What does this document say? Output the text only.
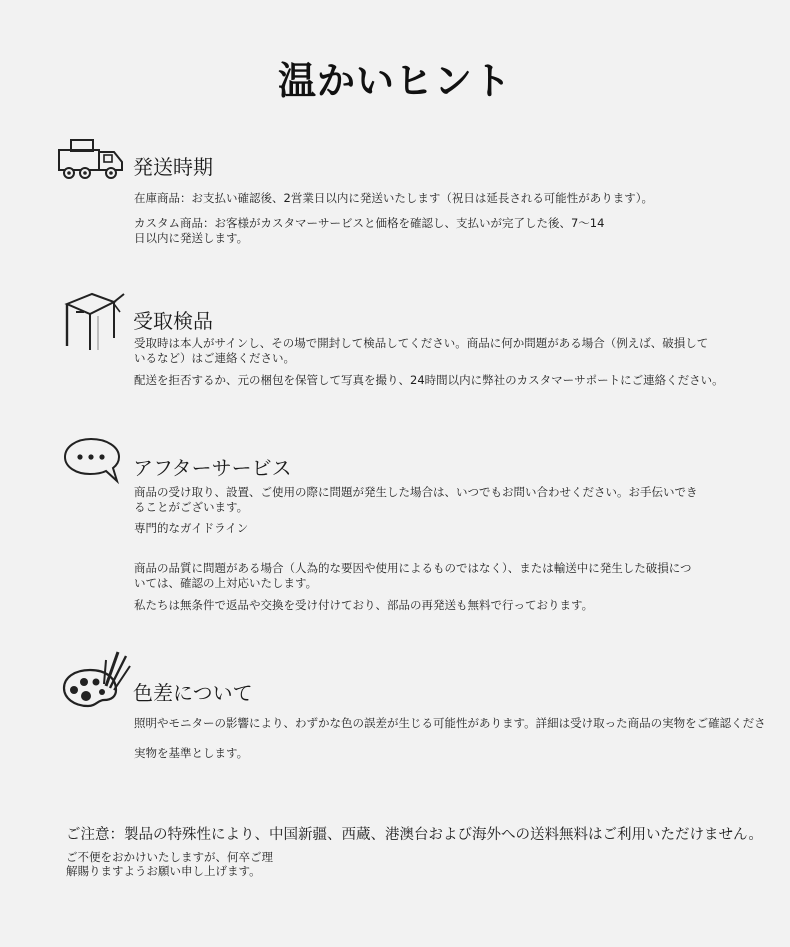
温かいヒント
発送時期
在庫商品：お支払い確認後、2営業日以内に発送いたします（祝日は延長される可能性があります）。
カスタム商品：お客様がカスタマーサービスと価格を確認し、支払いが完了した後、7〜14
日以内に発送します。
受取検品
受取時は本人がサインし、その場で開封して検品してください。商品に何か問題がある場合（例えば、破損して
いるなど）はご連絡ください。
配送を拒否するか、元の梱包を保管して写真を撮り、24時間以内に弊社のカスタマーサポートにご連絡ください。
アフターサービス
商品の受け取り、設置、ご使用の際に問題が発生した場合は、いつでもお問い合わせください。お手伝いでき
ることがございます。
専門的なガイドライン
商品の品質に問題がある場合（人為的な要因や使用によるものではなく）、または輸送中に発生した破損につ
いては、確認の上対応いたします。
私たちは無条件で返品や交換を受け付けており、部品の再発送も無料で行っております。
色差について
照明やモニターの影響により、わずかな色の誤差が生じる可能性があります。詳細は受け取った商品の実物をご確認くださ
実物を基準とします。
ご注意：製品の特殊性により、中国新疆、西蔵、港澳台および海外への送料無料はご利用いただけません。
ご不便をおかけいたしますが、何卒ご理
解賜りますようお願い申し上げます。
